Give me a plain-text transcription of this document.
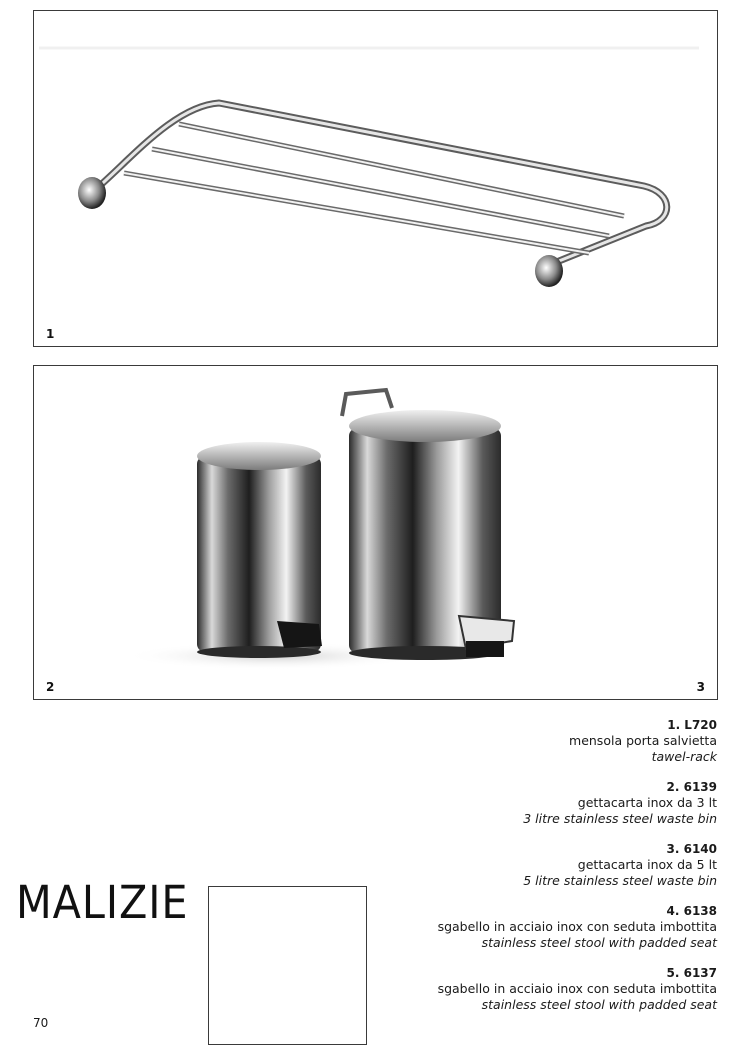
1
2	3
1. L720
mensola porta salvietta
tawel-rack
2. 6139
gettacarta inox da 3 lt
3 litre stainless steel waste bin
3. 6140
gettacarta inox da 5 lt
5 litre stainless steel waste bin
4. 6138
sgabello in acciaio inox con seduta imbottita
stainless steel stool with padded seat
5. 6137
sgabello in acciaio inox con seduta imbottita
stainless steel stool with padded seat
MALIZIE
70
